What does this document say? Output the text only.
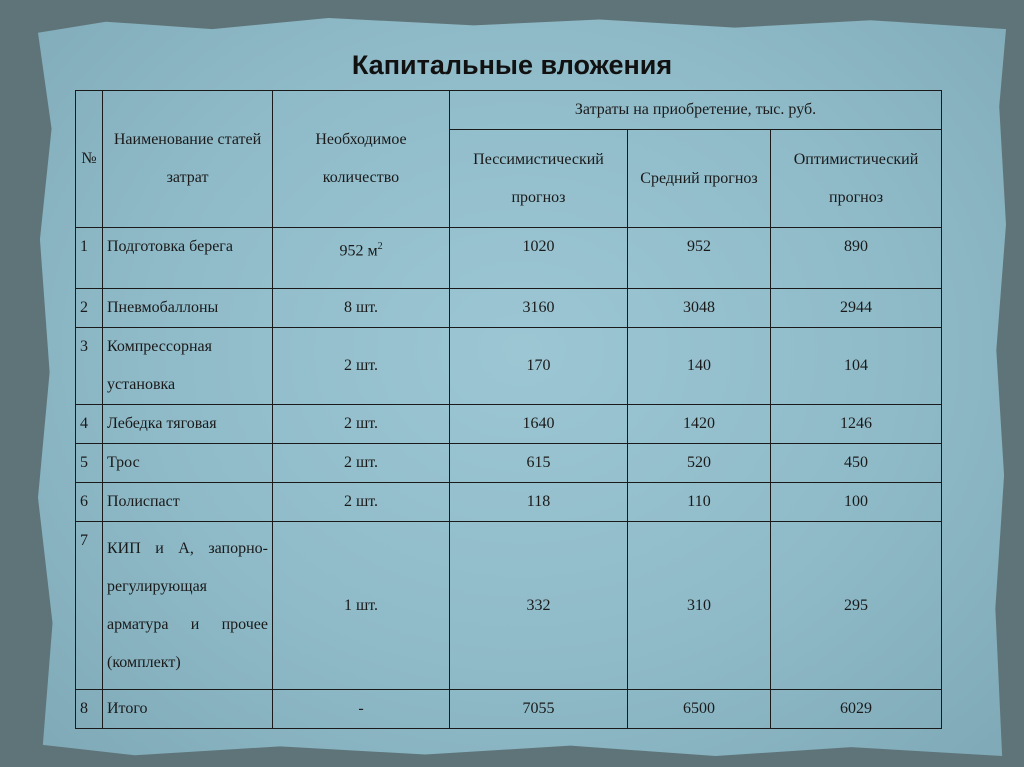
Капитальные вложения
№	Наименование статей затрат	Необходимое количество	Затраты на приобретение, тыс. руб.		
			Пессимистический прогноз	Средний прогноз	Оптимистический прогноз
1	Подготовка берега	952 $м^2$	1020	952	890
2	Пневмобаллоны	8 шт.	3160	3048	2944
3	Компрессорная установка	2 шт.	170	140	104
4	Лебедка тяговая	2 шт.	1640	1420	1246
5	Трос	2 шт.	615	520	450
6	Полиспаст	2 шт.	118	110	100
7	КИП и А, запорно-регулирующая арматура и прочее (комплект)	1 шт.	332	310	295
8	Итого	-	7055	6500	6029
